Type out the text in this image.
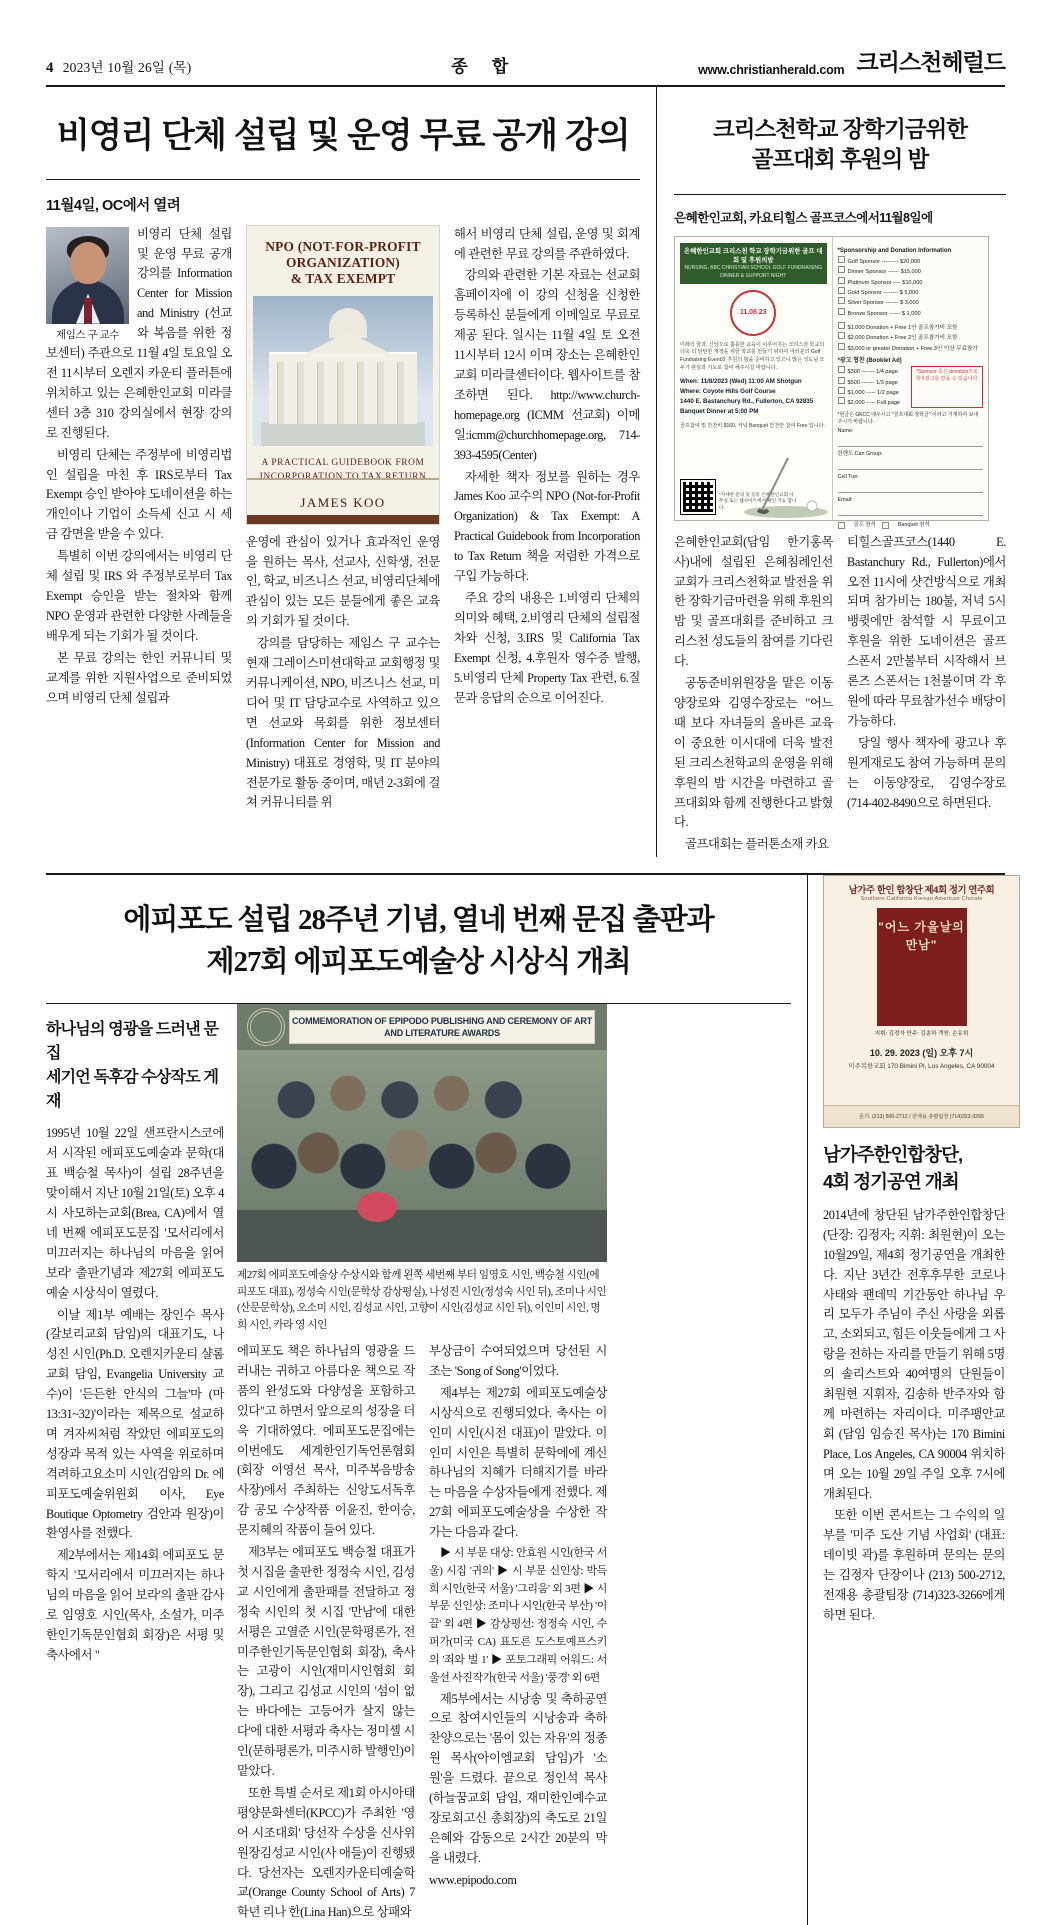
4 2023년 10월 26일 (목)	종 합	www.christianherald.com 크리스천헤럴드
비영리 단체 설립 및 운영 무료 공개 강의
11월4일, OC에서 열려
제임스 구 교수

비영리 단체 설립 및 운영 무료 공개 강의를 Information Center for Mission and Ministry (선교와 복음를 위한 정보센터) 주관으로 11월 4일 토요일 오전 11시부터 오렌지 카운티 플러튼에 위치하고 있는 은혜한인교회 미라클 센터 3층 310 강의실에서 현장 강의로 진행된다.

비영리 단체는 주정부에 비영리법인 설립을 마친 후 IRS로부터 Tax Exempt 승인 받아야 도네이션을 하는 개인이나 기업이 소득세 신고 시 세금 감면을 받을 수 있다.

특별히 이번 강의에서는 비영리 단체 설립 및 IRS 와 주정부로부터 Tax Exempt 승인을 받는 절차와 함께 NPO 운영과 관련한 다양한 사례들을 배우게 되는 기회가 될 것이다.

본 무료 강의는 한인 커뮤니티 및 교계를 위한 지원사업으로 준비되었으며 비영리 단체 설립과

NPO (NOT-FOR-PROFIT
ORGANIZATION)
& TAX EXEMPT
A PRACTICAL GUIDEBOOK FROM INCORPORATION TO TAX RETURN
JAMES KOO

운영에 관심이 있거나 효과적인 운영을 원하는 목사, 선교사, 신학생, 전문인, 학교, 비즈니스 선교, 비영리단체에 관심이 있는 모든 분들에게 좋은 교육의 기회가 될 것이다.

강의를 담당하는 제임스 구 교수는 현재 그레이스미션대학교 교회행정 및 커뮤니케이션, NPO, 비즈니스 선교, 미디어 및 IT 담당교수로 사역하고 있으면 선교와 목회를 위한 정보센터(Information Center for Mission and Ministry) 대표로 경영학, 및 IT 분야의 전문가로 활동 중이며, 매년 2-3회에 걸쳐 커뮤니티를 위

해서 비영리 단체 설립, 운영 및 회계에 관련한 무료 강의를 주관하였다.

강의와 관련한 기본 자료는 선교회 홈페이지에 이 강의 신청을 신청한 등록하신 분들에게 이메일로 무료로 제공 된다. 일시는 11월 4일 토 오전 11시부터 12시 이며 장소는 은혜한인교회 미라클센터이다. 웹사이트를 참조하면 된다. http://www.church-homepage.org (ICMM 선교회) 이메일:icmm@churchhomepage.org, 714-393-4595(Center)

자세한 책자 정보를 원하는 경우 James Koo 교수의 NPO (Not-for-Profit Organization) & Tax Exempt: A Practical Guidebook from Incorporation to Tax Return 책을 저렴한 가격으로 구입 가능하다.

주요 강의 내용은 1.비영리 단체의 의미와 혜택, 2.비영리 단체의 설립절차와 신청, 3.IRS 및 California Tax Exempt 신청, 4.후원자 영수증 발행, 5.비영리 단체 Property Tax 관련, 6.질문과 응답의 순으로 이어진다.

크리스천학교 장학기금위한
골프대회 후원의 밤
은혜한인교회, 카요티힐스 골프코스에서11월8일에
은혜한인교회 크리스천 학교 장학기금위한 골프 대회 및 후원의밤
NURSING, BBC CHRISTIAN SCHOOL GOLF FUNDRAISING DINNER & SUPPORT NIGHT
11.08.23
미래의 꿈과, 신앙으로 훌륭한 교육이 이루어지는 크리스천 학교의 더욱 더 탄탄한 재정을 위한 학교를 만들기 위하여 여러분의 Golf Fundraising Event와 후원의 밤을 준비하고 있으니 많은 성도님 모두가 관심과 기도로 참여 해주시길 바랍니다.
When: 11/8/2023 (Wed) 11:00 AM Shotgun
Where: Coyote Hills Golf Course
1440 E. Bastanchury Rd., Fullerton, CA 92835
Banquet Dinner at 5:00 PM
골프참여 및 만찬비 $160, 저녁 Banquet 만찬만 참여 Free 입니다.
*자세한 문의 및 등록 은혜한인교회 사무실 또는 웹사이트에서 확인 가능 합니다
*Sponsorship and Donation Information
Golf Sponsor --------- $20,000
Dinner Sponsor ------ $15,000
Platinum Sponsor ---- $10,000
Gold Sponsor -------- $ 5,000
Silver Sponsor ------- $ 3,000
Bronze Sponsor ------ $ 1,000
$1,000 Donation + Free 1인 골프참가비 포함
$2,000 Donation + Free 2인 골프참가비 포함
$3,000 or greater Donation + Free 3인 이상 무료참가
*광고 협찬 (Booklet Ad)
$300 ------- 1/4 page
$500 ------- 1/3 page
$1,000 ----- 1/2 page
$2,000 ----- Full page
*Sponsor 혹은 donation으로 책자광고를 받을 수 있습니다.
*현금은 GKCC 에우시고 "골프대회 장학금" 이라고 기재하여 보내주시기 바랍니다.
Name:
한핸도 Can Group:
Cell Tue:
Email:
골프 참석	Banquet 참석

은혜한인교회(담임 한기홍목사)내에 설립된 은혜침례인선교회가 크리스천학교 발전을 위한 장학기금마련을 위해 후원의 밤 및 골프대회를 준비하고 크리스천 성도들의 참여를 기다린다.

공동준비위원장을 맡은 이동양장로와 김영수장로는 "어느때 보다 자녀들의 올바른 교육이 중요한 이시대에 더욱 발전된 크리스천학교의 운영을 위해 후원의 밤 시간을 마련하고 골프대회와 함께 진행한다고 밝혔다.

골프대회는 플러톤소재 카요

티힐스골프코스(1440 E. Bastanchury Rd., Fullerton)에서 오전 11시에 샷건방식으로 개최되며 참가비는 180불, 저녁 5시 뱅큇에만 참석할 시 무료이고 후원을 위한 도네이션은 골프 스폰서 2만불부터 시작해서 브론즈 스폰서는 1천불이며 각 후원에 따라 무료참가선수 배당이 가능하다.

당일 행사 책자에 광고나 후원게재로도 참여 가능하며 문의는 이동양장로, 김영수장로(714-402-8490으로 하면된다.

에피포도 설립 28주년 기념, 열네 번째 문집 출판과
제27회 에피포도예술상 시상식 개최
하나님의 영광을 드러낸 문집
세기언 독후감 수상작도 게재

1995년 10월 22일 샌프란시스코에서 시작된 에피포도예술과 문학(대표 백승철 목사)이 설립 28주년을 맞이해서 지난 10월 21일(토) 오후 4시 사모하는교회(Brea, CA)에서 열네 번째 에피포도문집 '모서리에서 미끄러지는 하나님의 마음을 읽어 보라' 출판기념과 제27회 에피포도예술 시상식이 열렸다.

이날 제1부 예배는 장인수 목사(갈보리교회 담임)의 대표기도, 나성진 시인(Ph.D. 오렌지카운티 샬롬교회 담임, Evangelia University 교수)이 '든든한 안식의 그늘'마 (마 13:31~32)'이라는 제목으로 설교하며 겨자씨처럼 작았던 에피포도의 성장과 목적 있는 사역을 위로하며 격려하고요소미 시인(검암의 Dr. 에피포도예술위원회 이사, Eye Boutique Optometry 검안과 원장)이 환영사를 전했다.

제2부에서는 제14회 에피포도 문학지 '모서리에서 미끄러지는 하나님의 마음을 읽어 보라'의 출판 감사로 임영호 시인(목사, 소설가, 미주한인기독문인협회 회장)은 서평 및 축사에서 "

COMMEMORATION OF EPIPODO PUBLISHING AND CEREMONY OF ART AND LITERATURE AWARDS
제27회 에피포도예술상 수상시와 함께 왼쪽 세번째 부터 임영호 시인, 백승철 시인(에피포도 대표), 정성숙 시인(문학상 감상평실), 나성진 시인(정성숙 시인 뒤), 조미나 시인(산문문학상), 오소미 시인, 김성교 시인, 고향이 시인(김성교 시인 뒤), 이인미 시인, 명희 시인, 카라 영 시인

에피포도 책은 하나님의 영광을 드러내는 귀하고 아름다운 책으로 작품의 완성도와 다양성을 포함하고 있다"고 하면서 앞으로의 성장을 더욱 기대하였다. 에피포도문집에는 이번에도 세계한인기독언론협회(회장 이영선 목사, 미주복음방송 사장)에서 주최하는 신앙도서독후감 공모 수상작품 이윤진, 한이승, 문지혜의 작품이 들어 있다.

제3부는 에피포도 백승철 대표가 첫 시집을 출판한 정정숙 시인, 김성교 시인에게 출판패를 전달하고 정정숙 시인의 첫 시집 '만남'에 대한 서평은 고열준 시인(문학평론가, 전 미주한인기독문인협회 회장), 축사는 고광이 시인(재미시인협회 회장), 그리고 김성교 시인의 '섬이 없는 바다에는 고등어가 살지 않는다'에 대한 서평과 축사는 정미셸 시인(문하평론가, 미주시하 발행인)이 맡았다.

또한 특별 순서로 제1회 아시아태평양문화센터(KPCC)가 주최한 '영어 시조대회' 당선작 수상을 신사위원장김성교 시인(사 애들)이 진행됐다. 당선자는 오렌지카운티예술학교(Orange County School of Arts) 7학년 리나 한(Lina Han)으로 상패와

부상금이 수여되었으며 당선된 시조는 'Song of Song'이었다.

제4부는 제27회 에피포도예술상 시상식으로 진행되었다. 축사는 이인미 시인(시전 대표)이 맡았다. 이인미 시인은 특별히 문학에에 계신 하나님의 지혜가 더해지기를 바라는 마음을 수상자들에게 전했다. 제27회 에피포도예술상을 수상한 작가는 다음과 같다.

▶ 시 부문 대상: 안효원 시인(한국 서울) 시집 '귀의' ▶ 시 부문 신인상: 박득희 시인(한국 서울) '그리움' 외 3편 ▶ 시 부문 신인상: 조미나 시인(한국 부산) '이끌' 외 4편 ▶ 감상평선: 정정숙 시인, 수퍼가(미국 CA) 표도른 도스토예프스키의 '죄와 벌 1' ▶ 포토그래픽 어워드: 서울선 사진작가(한국 서울) '풍경' 외 6편

제5부에서는 시낭송 및 축하공연으로 참여시인들의 시낭송과 축하 찬양으로는 '몸이 있는 자유'의 정종원 목사(아이엠교회 담임)가 '소원'을 드렸다. 끝으로 정인석 목사(하늘꿈교회 담임, 재미한인예수교장로회고신 총회장)의 축도로 21일 은혜와 감동으로 2시간 20분의 막을 내렸다.

www.epipodo.com

남가주 한인 합창단 제4회 정기 연주회
Southern California Korean American Chorale
"어느 가을날의 만남"
지휘: 김정자 반주: 김송하 객원: 손유희
10. 29. 2023 (일) 오후 7시
미주복한교회 170 Bimini Pl, Los Angeles, CA 90004
문의: (213) 500-2712 / 전재용 총괄팀장 (714)323-3266
남가주한인합창단,
4회 정기공연 개최

2014년에 창단된 남가주한인합창단 (단장: 김정자; 지휘: 최원현)이 오는 10월29일, 제4회 정기공연을 개최한다. 지난 3년간 전후후무한 코로나 사태와 팬데믹 기간동안 하나님 우리 모두가 주님이 주신 사랑을 외롭고, 소외되고, 힘든 이웃들에게 그 사랑을 전하는 자리를 만들기 위해 5명의 솔리스트와 40여명의 단원들이 최원현 지휘자, 김송하 반주자와 함께 마련하는 자리이다. 미주팽안교회 (담임 임승진 목사)는 170 Bimini Place, Los Angeles, CA 90004 위치하며 오는 10월 29일 주일 오후 7시에 개최된다.

또한 이번 콘서트는 그 수익의 일부를 '미주 도산 기념 사업회' (대표: 데이빗 곽)를 후원하며 문의는 문의는 김정자 단장이나 (213) 500-2712, 전재용 총괄팀장 (714)323-3266에게 하면 된다.
